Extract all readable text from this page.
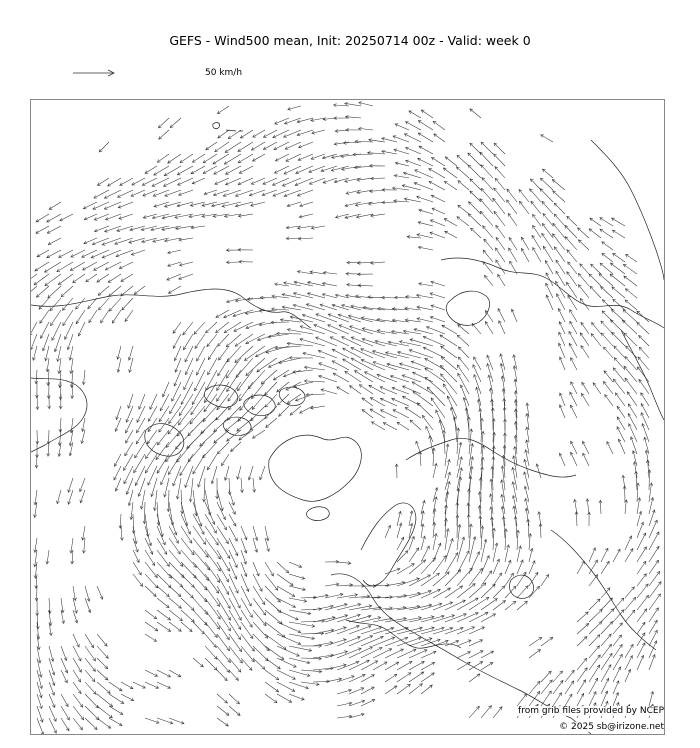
GEFS - Wind500 mean, Init: 20250714 00z - Valid: week 0
50 km/h
from grib files provided by NCEP
© 2025 sb@irizone.net
